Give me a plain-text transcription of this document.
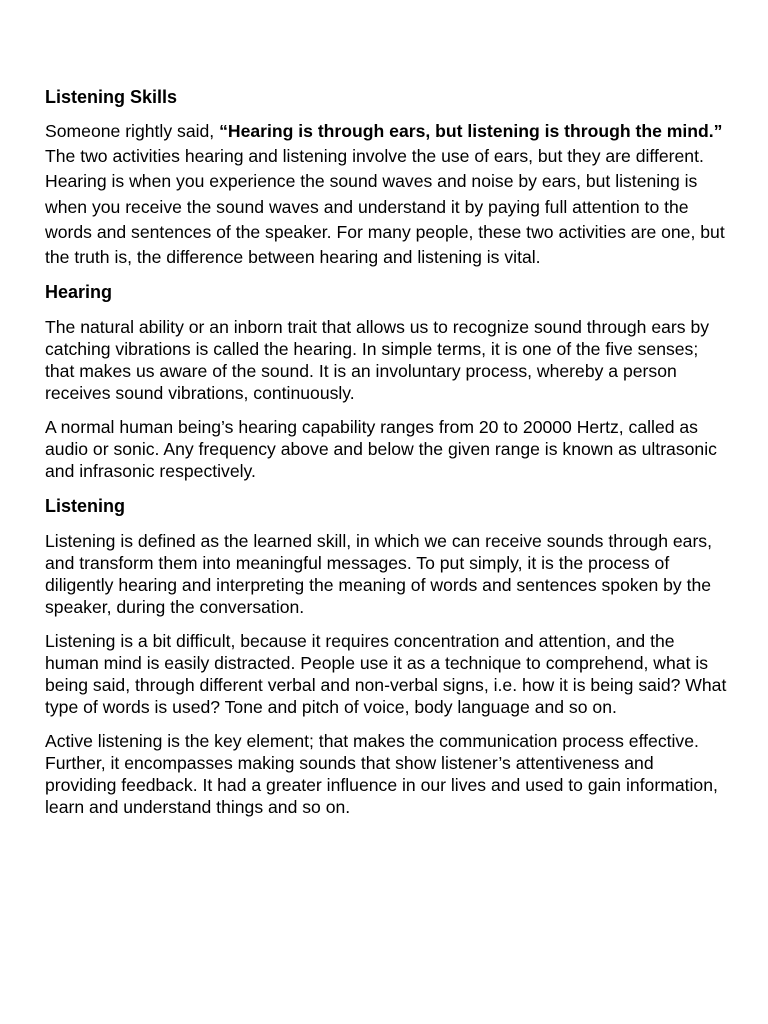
Listening Skills

Someone rightly said, “Hearing is through ears, but listening is through the mind.” The two activities hearing and listening involve the use of ears, but they are different. Hearing is when you experience the sound waves and noise by ears, but listening is when you receive the sound waves and understand it by paying full attention to the words and sentences of the speaker. For many people, these two activities are one, but the truth is, the difference between hearing and listening is vital.

Hearing

The natural ability or an inborn trait that allows us to recognize sound through ears by catching vibrations is called the hearing. In simple terms, it is one of the five senses; that makes us aware of the sound. It is an involuntary process, whereby a person receives sound vibrations, continuously.

A normal human being’s hearing capability ranges from 20 to 20000 Hertz, called as audio or sonic. Any frequency above and below the given range is known as ultrasonic and infrasonic respectively.

Listening

Listening is defined as the learned skill, in which we can receive sounds through ears, and transform them into meaningful messages. To put simply, it is the process of diligently hearing and interpreting the meaning of words and sentences spoken by the speaker, during the conversation.

Listening is a bit difficult, because it requires concentration and attention, and the human mind is easily distracted. People use it as a technique to comprehend, what is being said, through different verbal and non-verbal signs, i.e. how it is being said? What type of words is used? Tone and pitch of voice, body language and so on.

Active listening is the key element; that makes the communication process effective. Further, it encompasses making sounds that show listener’s attentiveness and providing feedback. It had a greater influence in our lives and used to gain information, learn and understand things and so on.
